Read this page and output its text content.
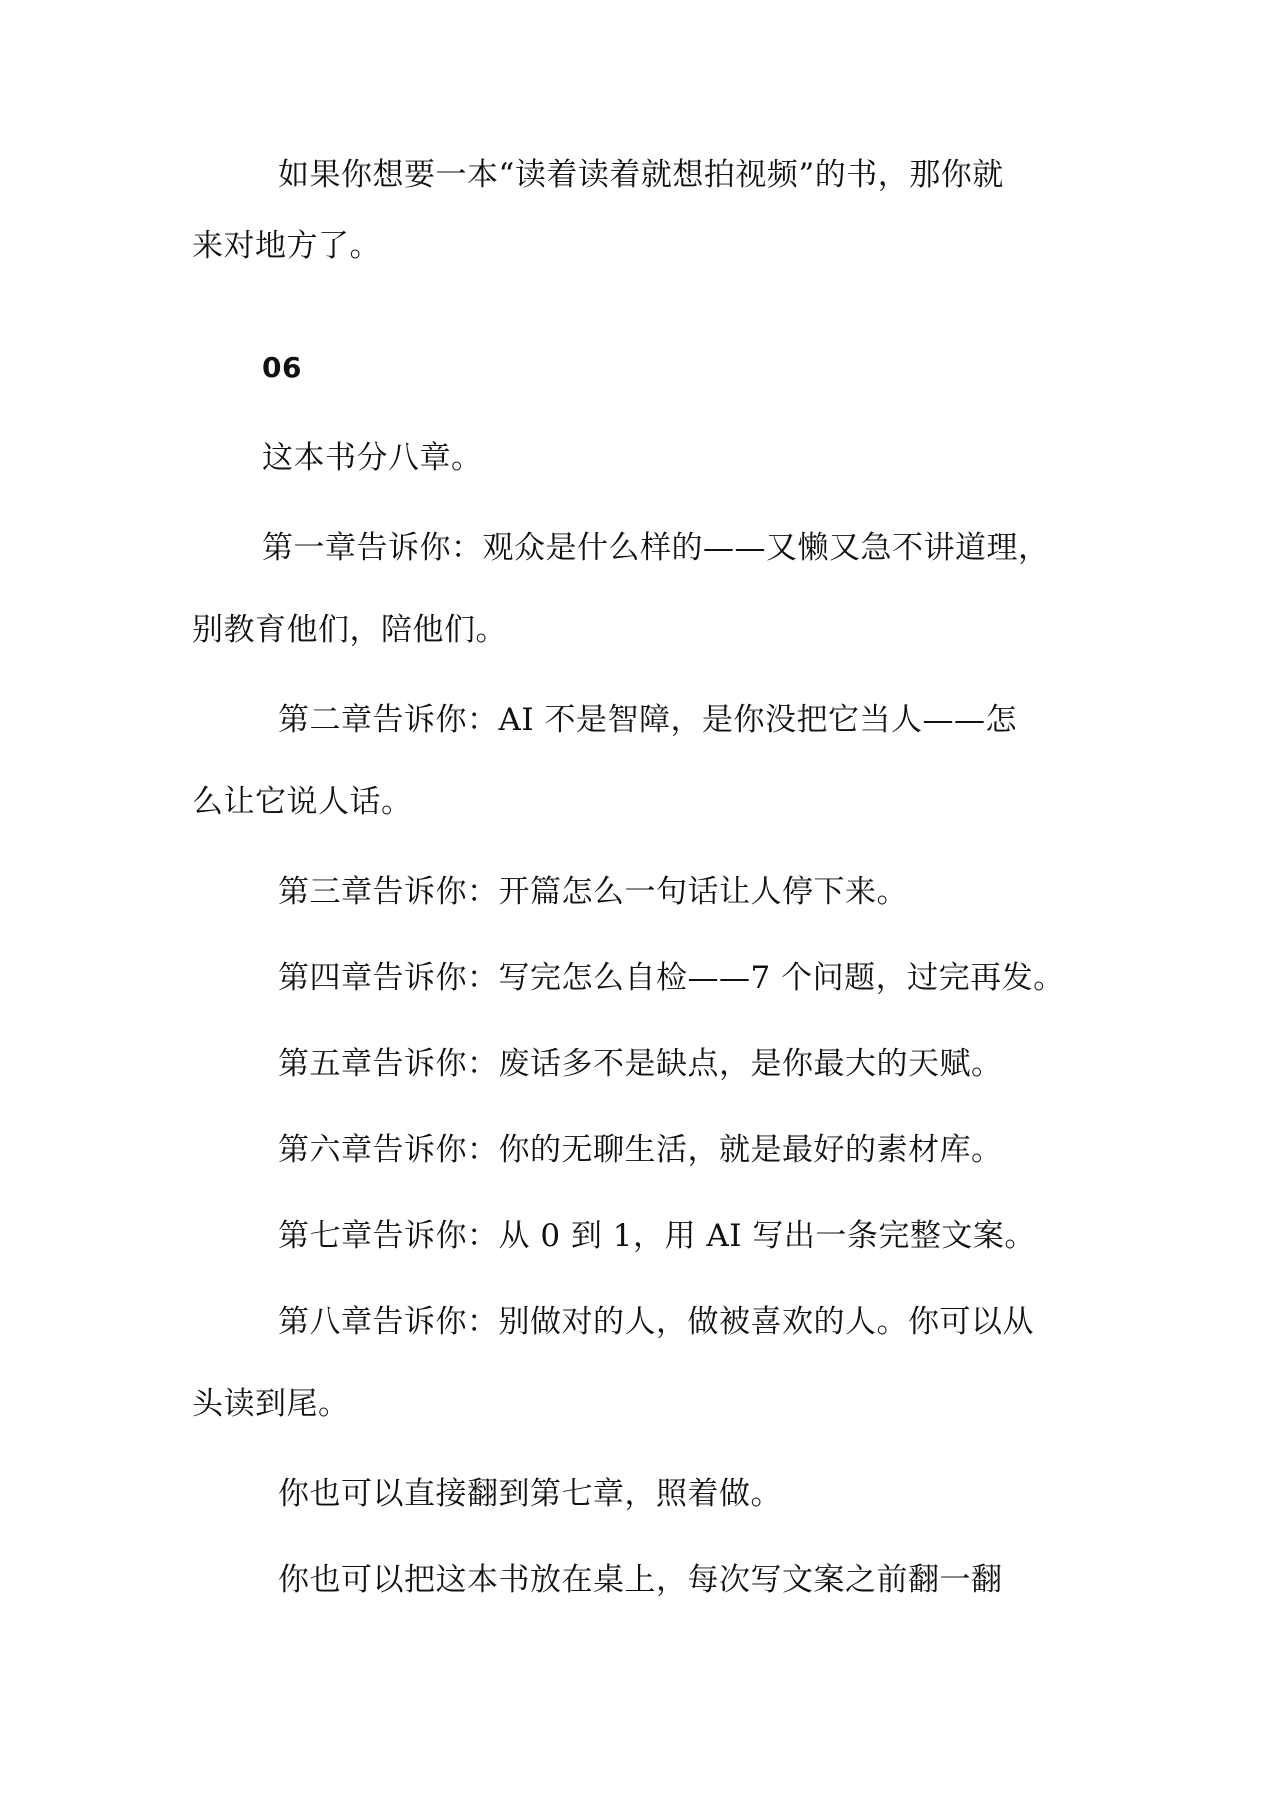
如果你想要一本“读着读着就想拍视频”的书，那你就

来对地方了。

06

这本书分八章。

第一章告诉你：观众是什么样的——又懒又急不讲道理，

别教育他们，陪他们。

第二章告诉你：AI 不是智障，是你没把它当人——怎

么让它说人话。

第三章告诉你：开篇怎么一句话让人停下来。

第四章告诉你：写完怎么自检——7 个问题，过完再发。

第五章告诉你：废话多不是缺点，是你最大的天赋。

第六章告诉你：你的无聊生活，就是最好的素材库。

第七章告诉你：从 0 到 1，用 AI 写出一条完整文案。

第八章告诉你：别做对的人，做被喜欢的人。你可以从

头读到尾。

你也可以直接翻到第七章，照着做。

你也可以把这本书放在桌上，每次写文案之前翻一翻
